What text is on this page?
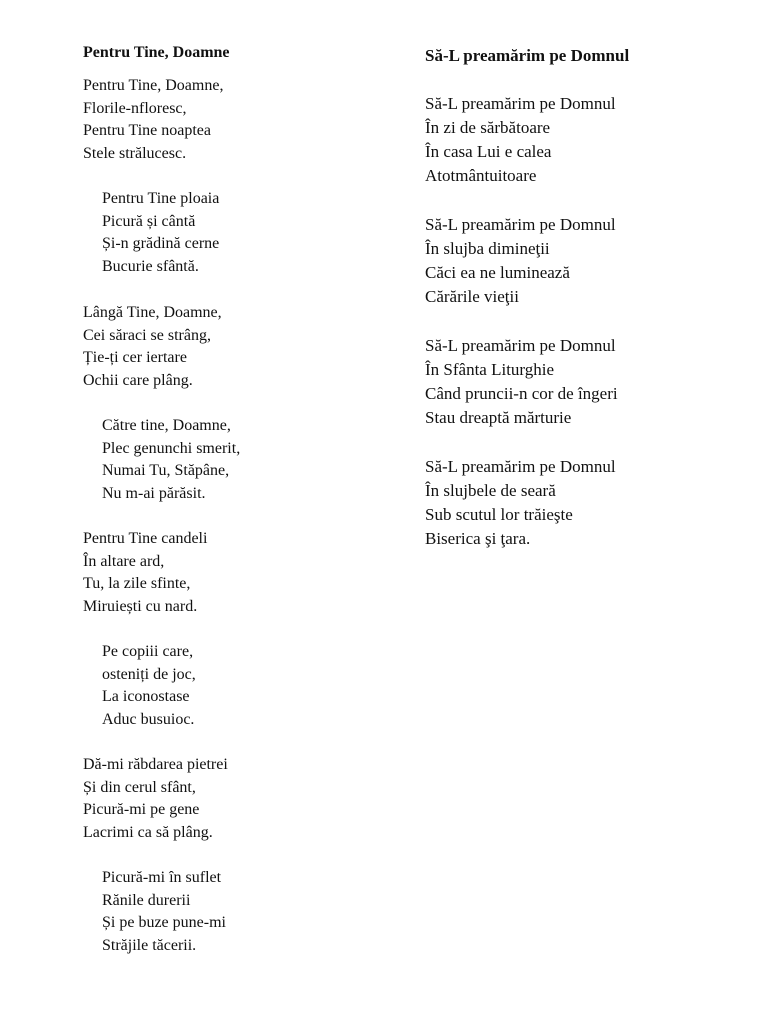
Pentru Tine, Doamne
Pentru Tine, Doamne,
Florile-nfloresc,
Pentru Tine noaptea
Stele strălucesc.
Pentru Tine ploaia
Picură și cântă
Și-n grădină cerne
Bucurie sfântă.
Lângă Tine, Doamne,
Cei săraci se strâng,
Ție-ți cer iertare
Ochii care plâng.
Către tine, Doamne,
Plec genunchi smerit,
Numai Tu, Stăpâne,
Nu m-ai părăsit.
Pentru Tine candeli
În altare ard,
Tu, la zile sfinte,
Miruiești cu nard.
Pe copiii care,
osteniți de joc,
La iconostase
Aduc busuioc.
Dă-mi răbdarea pietrei
Și din cerul sfânt,
Picură-mi pe gene
Lacrimi ca să plâng.
Picură-mi în suflet
Rănile durerii
Și pe buze pune-mi
Străjile tăcerii.
Să-L preamărim pe Domnul
Să-L preamărim pe Domnul
În zi de sărbătoare
În casa Lui e calea
Atotmântuitoare
Să-L preamărim pe Domnul
În slujba dimineţii
Căci ea ne luminează
Cărările vieţii
Să-L preamărim pe Domnul
În Sfânta Liturghie
Când pruncii-n cor de îngeri
Stau dreaptă mărturie
Să-L preamărim pe Domnul
În slujbele de seară
Sub scutul lor trăieşte
Biserica şi ţara.
